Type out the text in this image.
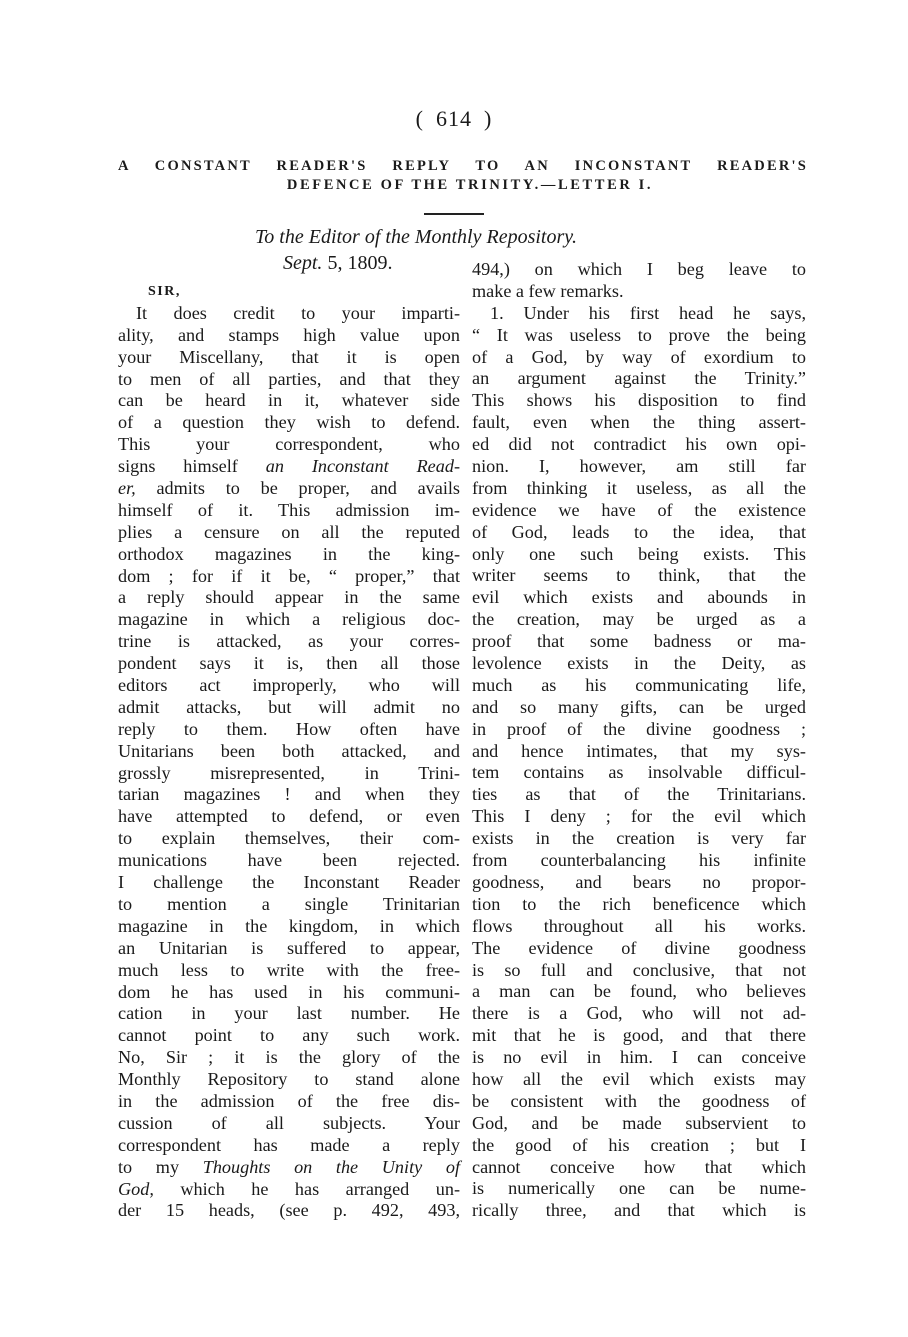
( 614 )
A CONSTANT READER'S REPLY TO AN INCONSTANT READER'S
DEFENCE OF THE TRINITY.—LETTER I.
To the Editor of the Monthly Repository.
Sept. 5, 1809.
SIR,
It does credit to your imparti-
ality, and stamps high value upon
your Miscellany, that it is open
to men of all parties, and that they
can be heard in it, whatever side
of a question they wish to defend.
This your correspondent, who
signs himself an Inconstant Read-
er, admits to be proper, and avails
himself of it. This admission im-
plies a censure on all the reputed
orthodox magazines in the king-
dom ; for if it be, “ proper,” that
a reply should appear in the same
magazine in which a religious doc-
trine is attacked, as your corres-
pondent says it is, then all those
editors act improperly, who will
admit attacks, but will admit no
reply to them. How often have
Unitarians been both attacked, and
grossly misrepresented, in Trini-
tarian magazines ! and when they
have attempted to defend, or even
to explain themselves, their com-
munications have been rejected.
I challenge the Inconstant Reader
to mention a single Trinitarian
magazine in the kingdom, in which
an Unitarian is suffered to appear,
much less to write with the free-
dom he has used in his communi-
cation in your last number. He
cannot point to any such work.
No, Sir ; it is the glory of the
Monthly Repository to stand alone
in the admission of the free dis-
cussion of all subjects. Your
correspondent has made a reply
to my Thoughts on the Unity of
God, which he has arranged un-
der 15 heads, (see p. 492, 493,
494,) on which I beg leave to
make a few remarks.
1. Under his first head he says,
“ It was useless to prove the being
of a God, by way of exordium to
an argument against the Trinity.”
This shows his disposition to find
fault, even when the thing assert-
ed did not contradict his own opi-
nion. I, however, am still far
from thinking it useless, as all the
evidence we have of the existence
of God, leads to the idea, that
only one such being exists. This
writer seems to think, that the
evil which exists and abounds in
the creation, may be urged as a
proof that some badness or ma-
levolence exists in the Deity, as
much as his communicating life,
and so many gifts, can be urged
in proof of the divine goodness ;
and hence intimates, that my sys-
tem contains as insolvable difficul-
ties as that of the Trinitarians.
This I deny ; for the evil which
exists in the creation is very far
from counterbalancing his infinite
goodness, and bears no propor-
tion to the rich beneficence which
flows throughout all his works.
The evidence of divine goodness
is so full and conclusive, that not
a man can be found, who believes
there is a God, who will not ad-
mit that he is good, and that there
is no evil in him. I can conceive
how all the evil which exists may
be consistent with the goodness of
God, and be made subservient to
the good of his creation ; but I
cannot conceive how that which
is numerically one can be nume-
rically three, and that which is
